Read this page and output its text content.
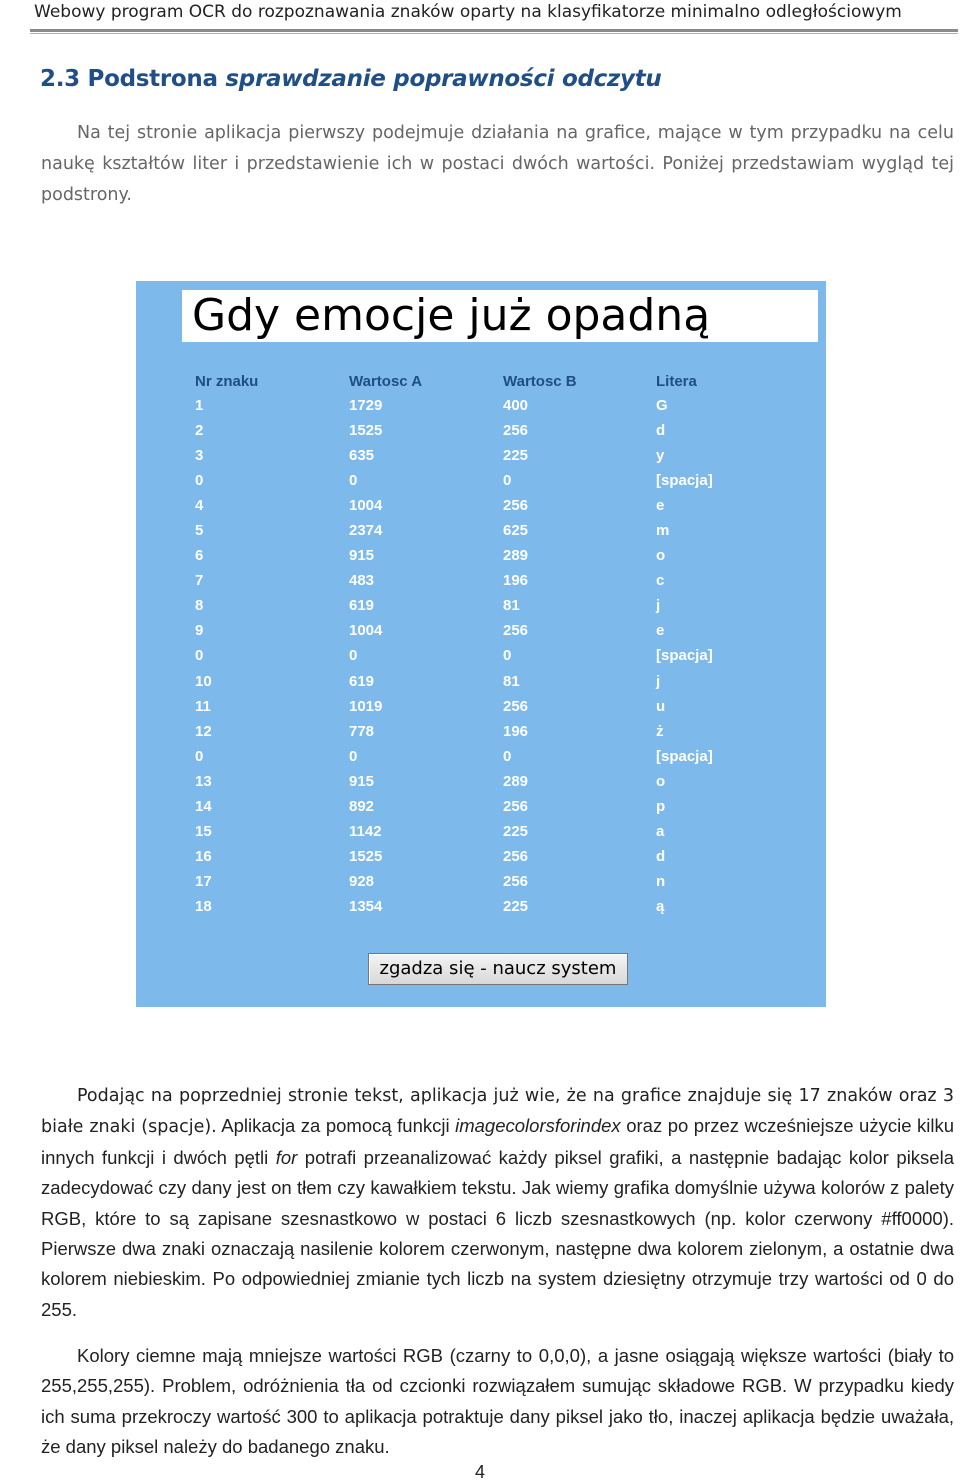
Webowy program OCR do rozpoznawania znaków oparty na klasyfikatorze minimalno odległościowym
2.3 Podstrona sprawdzanie poprawności odczytu

Na tej stronie aplikacja pierwszy podejmuje działania na grafice, mające w tym przypadku na celu naukę kształtów liter i przedstawienie ich w postaci dwóch wartości. Poniżej przedstawiam wygląd tej podstrony.

Gdy emocje już opadną
Nr znaku	Wartosc A	Wartosc B	Litera
1	1729	400	G
2	1525	256	d
3	635	225	y
0	0	0	[spacja]
4	1004	256	e
5	2374	625	m
6	915	289	o
7	483	196	c
8	619	81	j
9	1004	256	e
0	0	0	[spacja]
10	619	81	j
11	1019	256	u
12	778	196	ż
0	0	0	[spacja]
13	915	289	o
14	892	256	p
15	1142	225	a
16	1525	256	d
17	928	256	n
18	1354	225	ą
zgadza się - naucz system

Podając na poprzedniej stronie tekst, aplikacja już wie, że na grafice znajduje się 17 znaków oraz 3 białe znaki (spacje). Aplikacja za pomocą funkcji imagecolorsforindex oraz po przez wcześniejsze użycie kilku innych funkcji i dwóch pętli for potrafi przeanalizować każdy piksel grafiki, a następnie badając kolor piksela zadecydować czy dany jest on tłem czy kawałkiem tekstu. Jak wiemy grafika domyślnie używa kolorów z palety RGB, które to są zapisane szesnastkowo w postaci 6 liczb szesnastkowych (np. kolor czerwony #ff0000). Pierwsze dwa znaki oznaczają nasilenie kolorem czerwonym, następne dwa kolorem zielonym, a ostatnie dwa kolorem niebieskim. Po odpowiedniej zmianie tych liczb na system dziesiętny otrzymuje trzy wartości od 0 do 255.

Kolory ciemne mają mniejsze wartości RGB (czarny to 0,0,0), a jasne osiągają większe wartości (biały to 255,255,255). Problem, odróżnienia tła od czcionki rozwiązałem sumując składowe RGB. W przypadku kiedy ich suma przekroczy wartość 300 to aplikacja potraktuje dany piksel jako tło, inaczej aplikacja będzie uważała, że dany piksel należy do badanego znaku.

4
